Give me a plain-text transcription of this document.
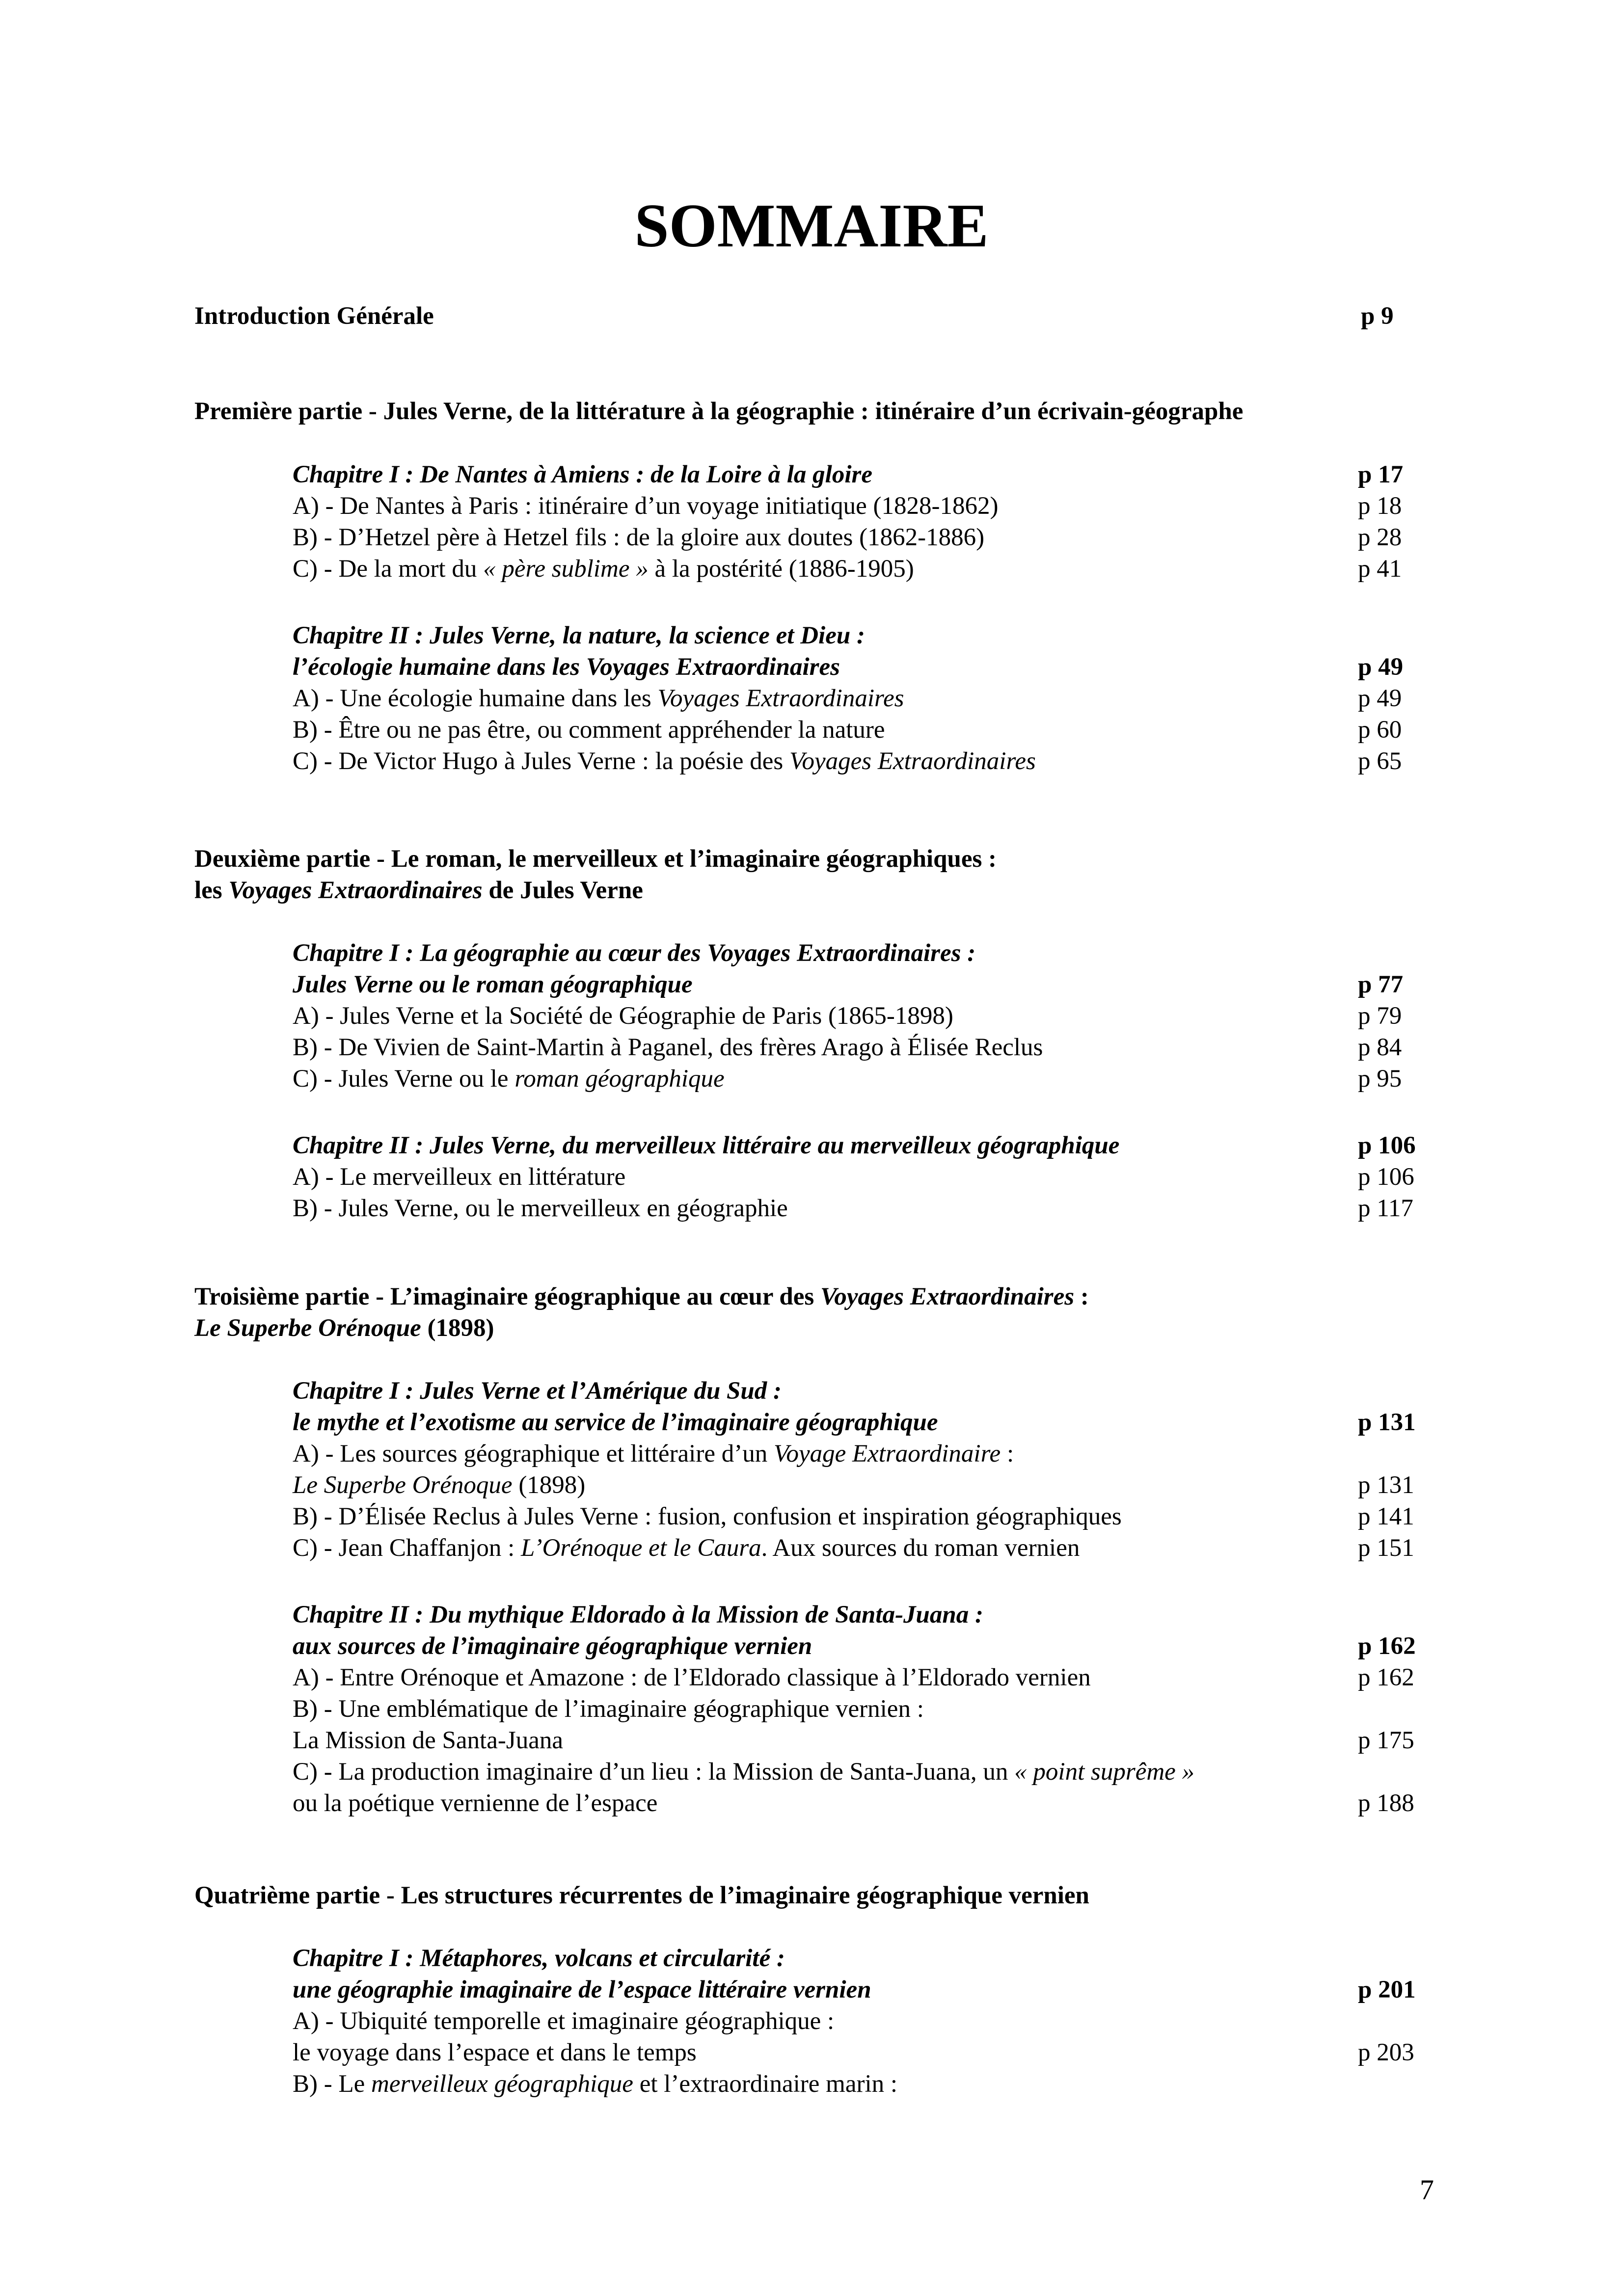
SOMMAIRE
Introduction Générale	p 9
Première partie - Jules Verne, de la littérature à la géographie : itinéraire d’un écrivain-géographe
Chapitre I : De Nantes à Amiens : de la Loire à la gloire	p 17
A) - De Nantes à Paris : itinéraire d’un voyage initiatique (1828-1862)	p 18
B) - D’Hetzel père à Hetzel fils : de la gloire aux doutes (1862-1886)	p 28
C) - De la mort du « père sublime » à la postérité (1886-1905)	p 41
Chapitre II : Jules Verne, la nature, la science et Dieu :
l’écologie humaine dans les Voyages Extraordinaires	p 49
A) - Une écologie humaine dans les Voyages Extraordinaires	p 49
B) - Être ou ne pas être, ou comment appréhender la nature	p 60
C) - De Victor Hugo à Jules Verne : la poésie des Voyages Extraordinaires	p 65
Deuxième partie - Le roman, le merveilleux et l’imaginaire géographiques :
les Voyages Extraordinaires de Jules Verne
Chapitre I : La géographie au cœur des Voyages Extraordinaires :
Jules Verne ou le roman géographique	p 77
A) - Jules Verne et la Société de Géographie de Paris (1865-1898)	p 79
B) - De Vivien de Saint-Martin à Paganel, des frères Arago à Élisée Reclus	p 84
C) - Jules Verne ou le roman géographique	p 95
Chapitre II : Jules Verne, du merveilleux littéraire au merveilleux géographique	p 106
A) - Le merveilleux en littérature	p 106
B) - Jules Verne, ou le merveilleux en géographie	p 117
Troisième partie - L’imaginaire géographique au cœur des Voyages Extraordinaires :
Le Superbe Orénoque (1898)
Chapitre I : Jules Verne et l’Amérique du Sud :
le mythe et l’exotisme au service de l’imaginaire géographique	p 131
A) - Les sources géographique et littéraire d’un Voyage Extraordinaire :
Le Superbe Orénoque (1898)	p 131
B) - D’Élisée Reclus à Jules Verne : fusion, confusion et inspiration géographiques	p 141
C) - Jean Chaffanjon : L’Orénoque et le Caura. Aux sources du roman vernien	p 151
Chapitre II : Du mythique Eldorado à la Mission de Santa-Juana :
aux sources de l’imaginaire géographique vernien	p 162
A) - Entre Orénoque et Amazone : de l’Eldorado classique à l’Eldorado vernien	p 162
B) - Une emblématique de l’imaginaire géographique vernien :
La Mission de Santa-Juana	p 175
C) - La production imaginaire d’un lieu : la Mission de Santa-Juana, un « point suprême »
ou la poétique vernienne de l’espace	p 188
Quatrième partie - Les structures récurrentes de l’imaginaire géographique vernien
Chapitre I : Métaphores, volcans et circularité :
une géographie imaginaire de l’espace littéraire vernien	p 201
A) - Ubiquité temporelle et imaginaire géographique :
le voyage dans l’espace et dans le temps	p 203
B) - Le merveilleux géographique et l’extraordinaire marin :
7
